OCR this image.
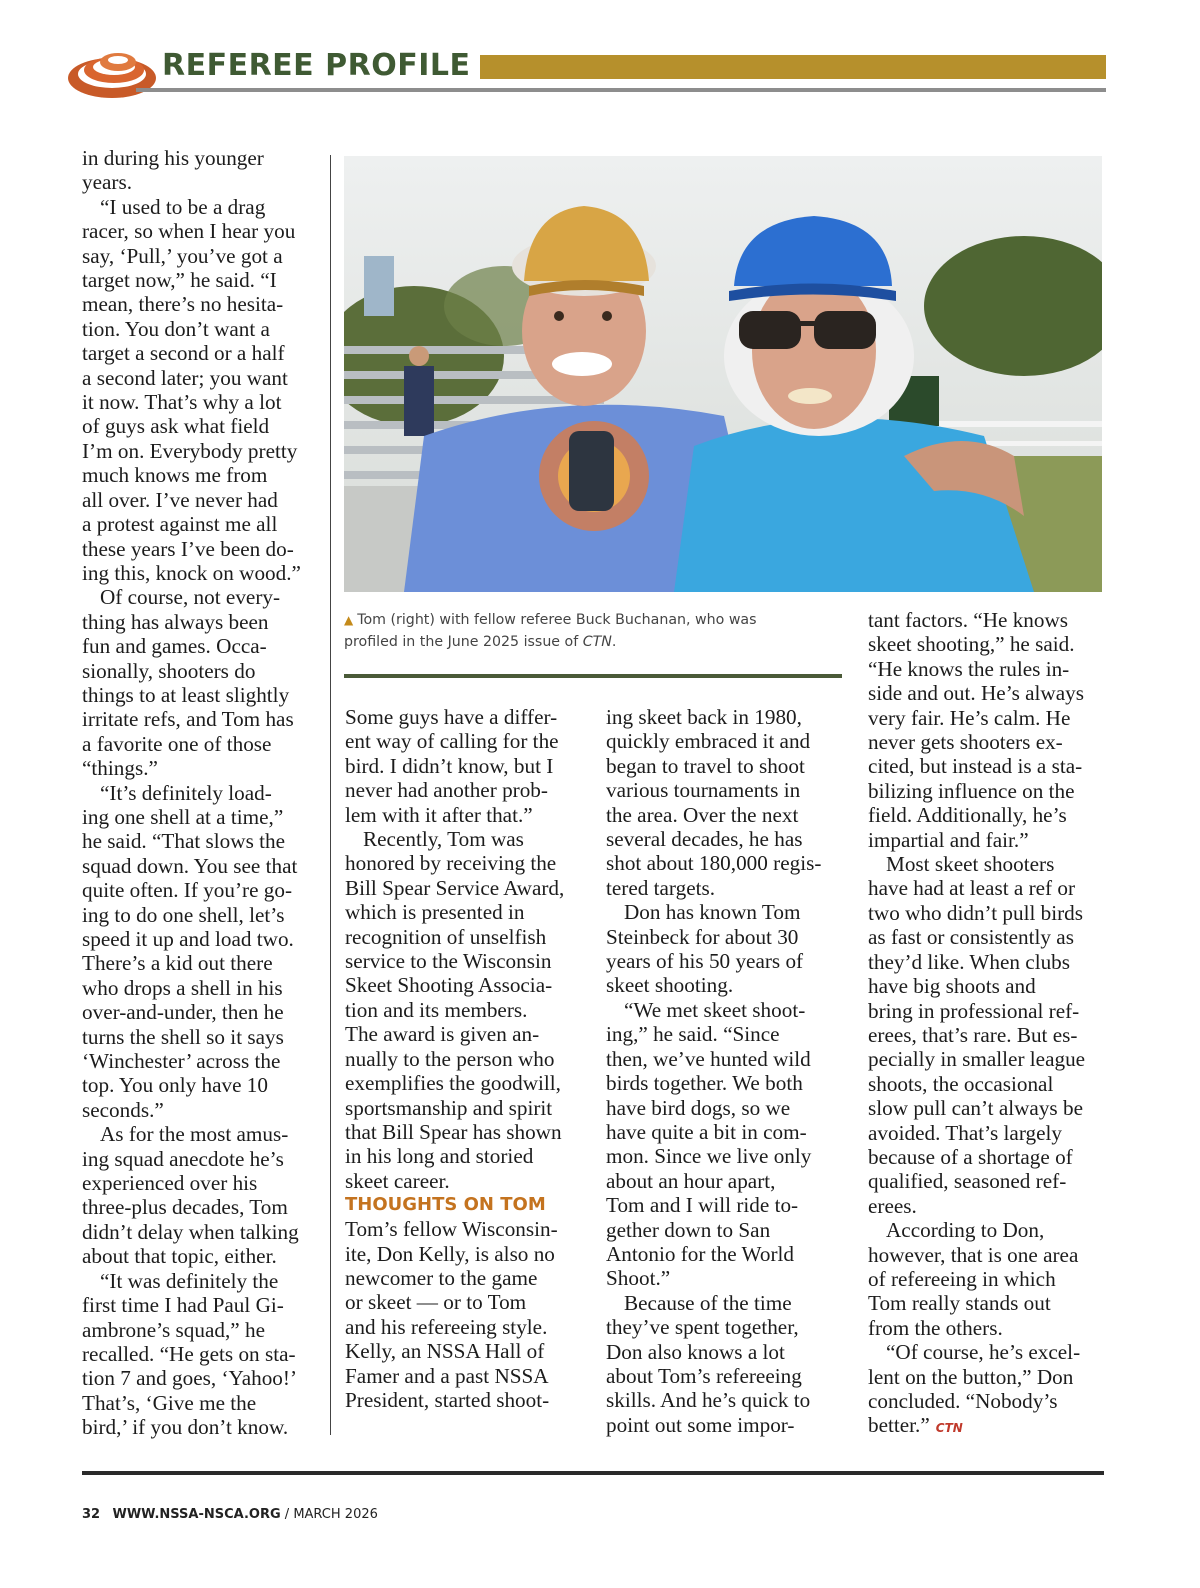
REFEREE PROFILE
▲ Tom (right) with fellow referee Buck Buchanan, who was
profiled in the June 2025 issue of CTN.

in during his younger

years.

“I used to be a drag

racer, so when I hear you

say, ‘Pull,’ you’ve got a

target now,” he said. “I

mean, there’s no hesita-

tion. You don’t want a

target a second or a half

a second later; you want

it now. That’s why a lot

of guys ask what field

I’m on. Everybody pretty

much knows me from

all over. I’ve never had

a protest against me all

these years I’ve been do-

ing this, knock on wood.”

Of course, not every-

thing has always been

fun and games. Occa-

sionally, shooters do

things to at least slightly

irritate refs, and Tom has

a favorite one of those

“things.”

“It’s definitely load-

ing one shell at a time,”

he said. “That slows the

squad down. You see that

quite often. If you’re go-

ing to do one shell, let’s

speed it up and load two.

There’s a kid out there

who drops a shell in his

over-and-under, then he

turns the shell so it says

‘Winchester’ across the

top. You only have 10

seconds.”

As for the most amus-

ing squad anecdote he’s

experienced over his

three-plus decades, Tom

didn’t delay when talking

about that topic, either.

“It was definitely the

first time I had Paul Gi-

ambrone’s squad,” he

recalled. “He gets on sta-

tion 7 and goes, ‘Yahoo!’

That’s, ‘Give me the

bird,’ if you don’t know.

Some guys have a differ-

ent way of calling for the

bird. I didn’t know, but I

never had another prob-

lem with it after that.”

Recently, Tom was

honored by receiving the

Bill Spear Service Award,

which is presented in

recognition of unselfish

service to the Wisconsin

Skeet Shooting Associa-

tion and its members.

The award is given an-

nually to the person who

exemplifies the goodwill,

sportsmanship and spirit

that Bill Spear has shown

in his long and storied

skeet career.

THOUGHTS ON TOM

Tom’s fellow Wisconsin-

ite, Don Kelly, is also no

newcomer to the game

or skeet — or to Tom

and his refereeing style.

Kelly, an NSSA Hall of

Famer and a past NSSA

President, started shoot-

ing skeet back in 1980,

quickly embraced it and

began to travel to shoot

various tournaments in

the area. Over the next

several decades, he has

shot about 180,000 regis-

tered targets.

Don has known Tom

Steinbeck for about 30

years of his 50 years of

skeet shooting.

“We met skeet shoot-

ing,” he said. “Since

then, we’ve hunted wild

birds together. We both

have bird dogs, so we

have quite a bit in com-

mon. Since we live only

about an hour apart,

Tom and I will ride to-

gether down to San

Antonio for the World

Shoot.”

Because of the time

they’ve spent together,

Don also knows a lot

about Tom’s refereeing

skills. And he’s quick to

point out some impor-

tant factors. “He knows

skeet shooting,” he said.

“He knows the rules in-

side and out. He’s always

very fair. He’s calm. He

never gets shooters ex-

cited, but instead is a sta-

bilizing influence on the

field. Additionally, he’s

impartial and fair.”

Most skeet shooters

have had at least a ref or

two who didn’t pull birds

as fast or consistently as

they’d like. When clubs

have big shoots and

bring in professional ref-

erees, that’s rare. But es-

pecially in smaller league

shoots, the occasional

slow pull can’t always be

avoided. That’s largely

because of a shortage of

qualified, seasoned ref-

erees.

According to Don,

however, that is one area

of refereeing in which

Tom really stands out

from the others.

“Of course, he’s excel-

lent on the button,” Don

concluded. “Nobody’s

better.” CTN

32 WWW.NSSA-NSCA.ORG / MARCH 2026
